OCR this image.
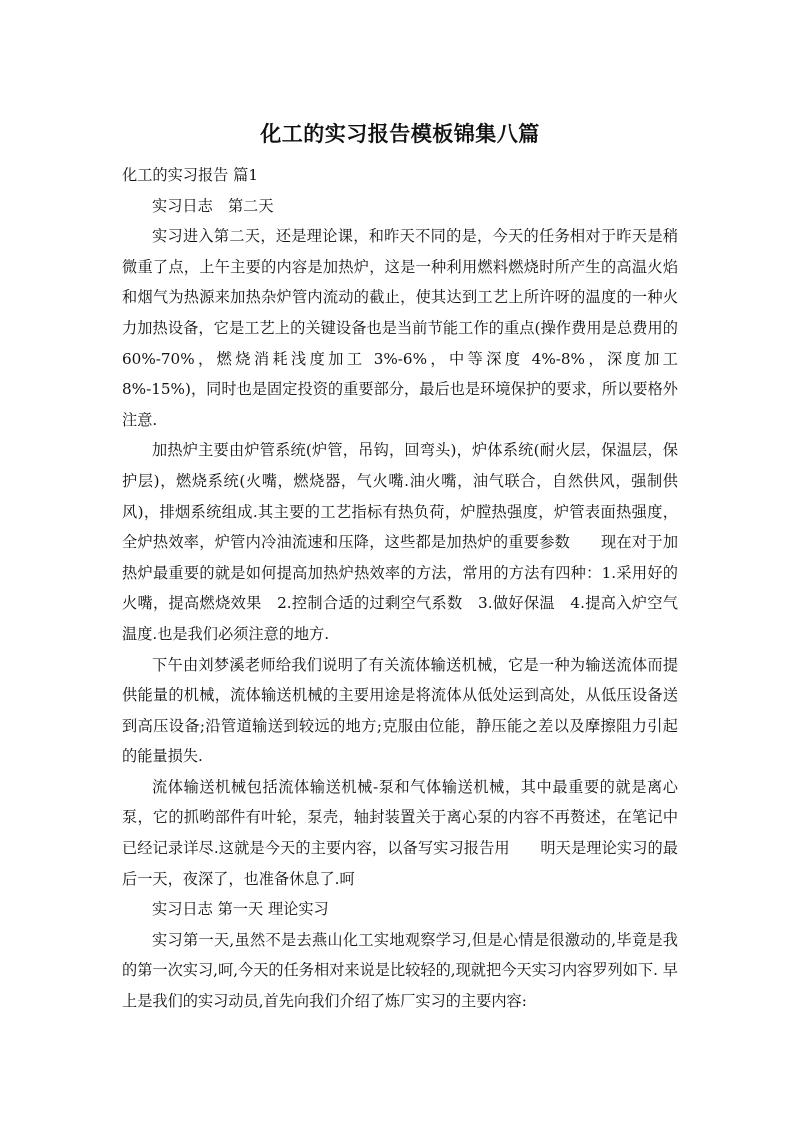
化工的实习报告模板锦集八篇

化工的实习报告 篇1

实习日志　第二天

实习进入第二天，还是理论课，和昨天不同的是，今天的任务相对于昨天是稍微重了点，上午主要的内容是加热炉，这是一种利用燃料燃烧时所产生的高温火焰和烟气为热源来加热杂炉管内流动的截止，使其达到工艺上所许呀的温度的一种火力加热设备，它是工艺上的关键设备也是当前节能工作的重点(操作费用是总费用的60%-70%，燃烧消耗浅度加工 3%-6%，中等深度 4%-8%，深度加工 8%-15%)，同时也是固定投资的重要部分，最后也是环境保护的要求，所以要格外注意.

加热炉主要由炉管系统(炉管，吊钩，回弯头)，炉体系统(耐火层，保温层，保护层)，燃烧系统(火嘴，燃烧器，气火嘴.油火嘴，油气联合，自然供风，强制供风)，排烟系统组成.其主要的工艺指标有热负荷，炉膛热强度，炉管表面热强度，全炉热效率，炉管内冷油流速和压降，这些都是加热炉的重要参数　　现在对于加热炉最重要的就是如何提高加热炉热效率的方法，常用的方法有四种：1.采用好的火嘴，提高燃烧效果　2.控制合适的过剩空气系数　3.做好保温　4.提高入炉空气温度.也是我们必须注意的地方.

下午由刘梦溪老师给我们说明了有关流体输送机械，它是一种为输送流体而提供能量的机械，流体输送机械的主要用途是将流体从低处运到高处，从低压设备送到高压设备;沿管道输送到较远的地方;克服由位能，静压能之差以及摩擦阻力引起的能量损失.

流体输送机械包括流体输送机械-泵和气体输送机械，其中最重要的就是离心泵，它的抓哟部件有叶轮，泵壳，轴封装置关于离心泵的内容不再赘述，在笔记中已经记录详尽.这就是今天的主要内容，以备写实习报告用　　明天是理论实习的最后一天，夜深了，也准备休息了.呵

实习日志 第一天 理论实习

实习第一天,虽然不是去燕山化工实地观察学习,但是心情是很激动的,毕竟是我的第一次实习,呵,今天的任务相对来说是比较轻的,现就把今天实习内容罗列如下. 早上是我们的实习动员,首先向我们介绍了炼厂实习的主要内容:
